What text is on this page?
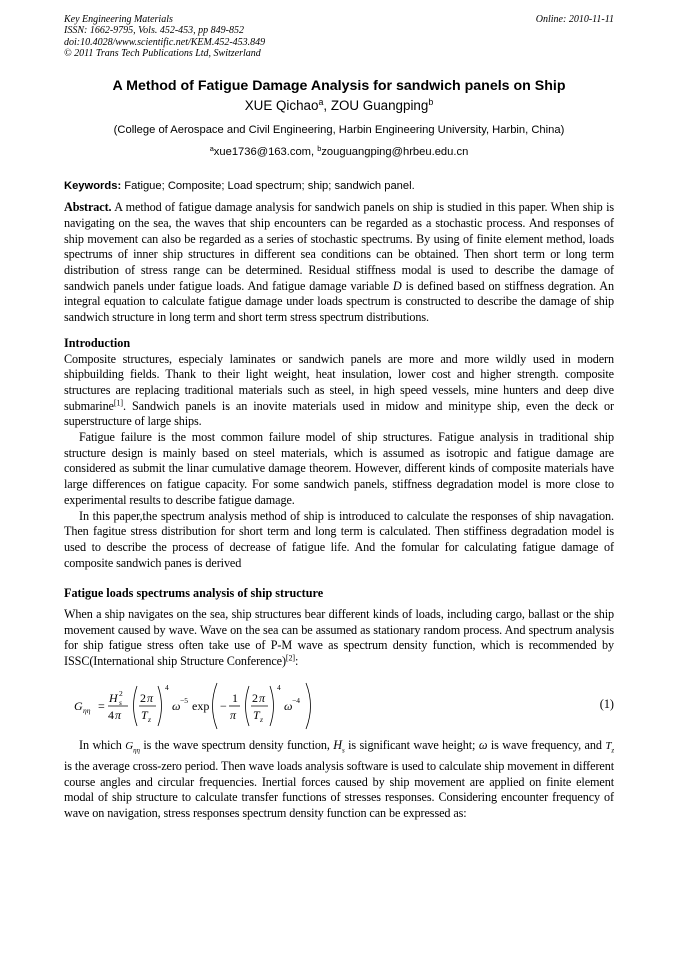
Key Engineering Materials
ISSN: 1662-9795, Vols. 452-453, pp 849-852
doi:10.4028/www.scientific.net/KEM.452-453.849
© 2011 Trans Tech Publications Ltd, Switzerland
Online: 2010-11-11
A Method of Fatigue Damage Analysis for sandwich panels on Ship
XUE Qichao$^a$, ZOU Guangping$^b$
(College of Aerospace and Civil Engineering, Harbin Engineering University, Harbin, China)
$^a$xue1736@163.com, $^b$zouguangping@hrbeu.edu.cn
Keywords: Fatigue; Composite; Load spectrum; ship; sandwich panel.

Abstract. A method of fatigue damage analysis for sandwich panels on ship is studied in this paper. When ship is navigating on the sea, the waves that ship encounters can be regarded as a stochastic process. And responses of ship movement can also be regarded as a series of stochastic spectrums. By using of finite element method, loads spectrums of inner ship structures in different sea conditions can be obtained. Then short term or long term distribution of stress range can be determined. Residual stiffness modal is used to describe the damage of sandwich panels under fatigue loads. And fatigue damage variable D is defined based on stiffness degration. An integral equation to calculate fatigue damage under loads spectrum is constructed to describe the damage of ship sandwich structure in long term and short term stress spectrum distributions.

Introduction

Composite structures, especialy laminates or sandwich panels are more and more wildly used in modern shipbuilding fields. Thank to their light weight, heat insulation, lower cost and higher strength. composite structures are replacing traditional materials such as steel, in high speed vessels, mine hunters and deep dive submarine[1]. Sandwich panels is an inovite materials used in midow and minitype ship, even the deck or superstructure of large ships.

Fatigue failure is the most common failure model of ship structures. Fatigue analysis in traditional ship structure design is mainly based on steel materials, which is assumed as isotropic and fatigue damage are considered as submit the linar cumulative damage theorem. However, different kinds of composite materials have large differences on fatigue capacity. For some sandwich panels, stiffness degradation model is more close to experimental results to describe fatigue damage.

In this paper,the spectrum analysis method of ship is introduced to calculate the responses of ship navagation. Then fagitue stress distribution for short term and long term is calculated. Then stiffiness degradation model is used to describe the process of decrease of fatigue life. And the fomular for calculating fatigue damage of composite sandwich panes is derived

Fatigue loads spectrums analysis of ship structure

When a ship navigates on the sea, ship structures bear different kinds of loads, including cargo, ballast or the ship movement caused by wave. Wave on the sea can be assumed as stationary random process. And spectrum analysis for ship fatigue stress often take use of P-M wave as spectrum density function, which is recommended by ISSC(International ship Structure Conference)[2]:

G ηη =
H s
2
4 π
2 π
T z
4
ω −5 exp −
1
π
2 π
T z
4
ω −4	(1)

In which $G_{\eta\eta}$ is the wave spectrum density function, $H_s$ is significant wave height; ω is wave frequency, and $T_z$ is the average cross-zero period. Then wave loads analysis software is used to calculate ship movement in different course angles and circular frequencies. Inertial forces caused by ship movement are applied on finite element modal of ship structure to calculate transfer functions of stresses responses. Considering encounter frequency of wave on navigation, stress responses spectrum density function can be expressed as:
